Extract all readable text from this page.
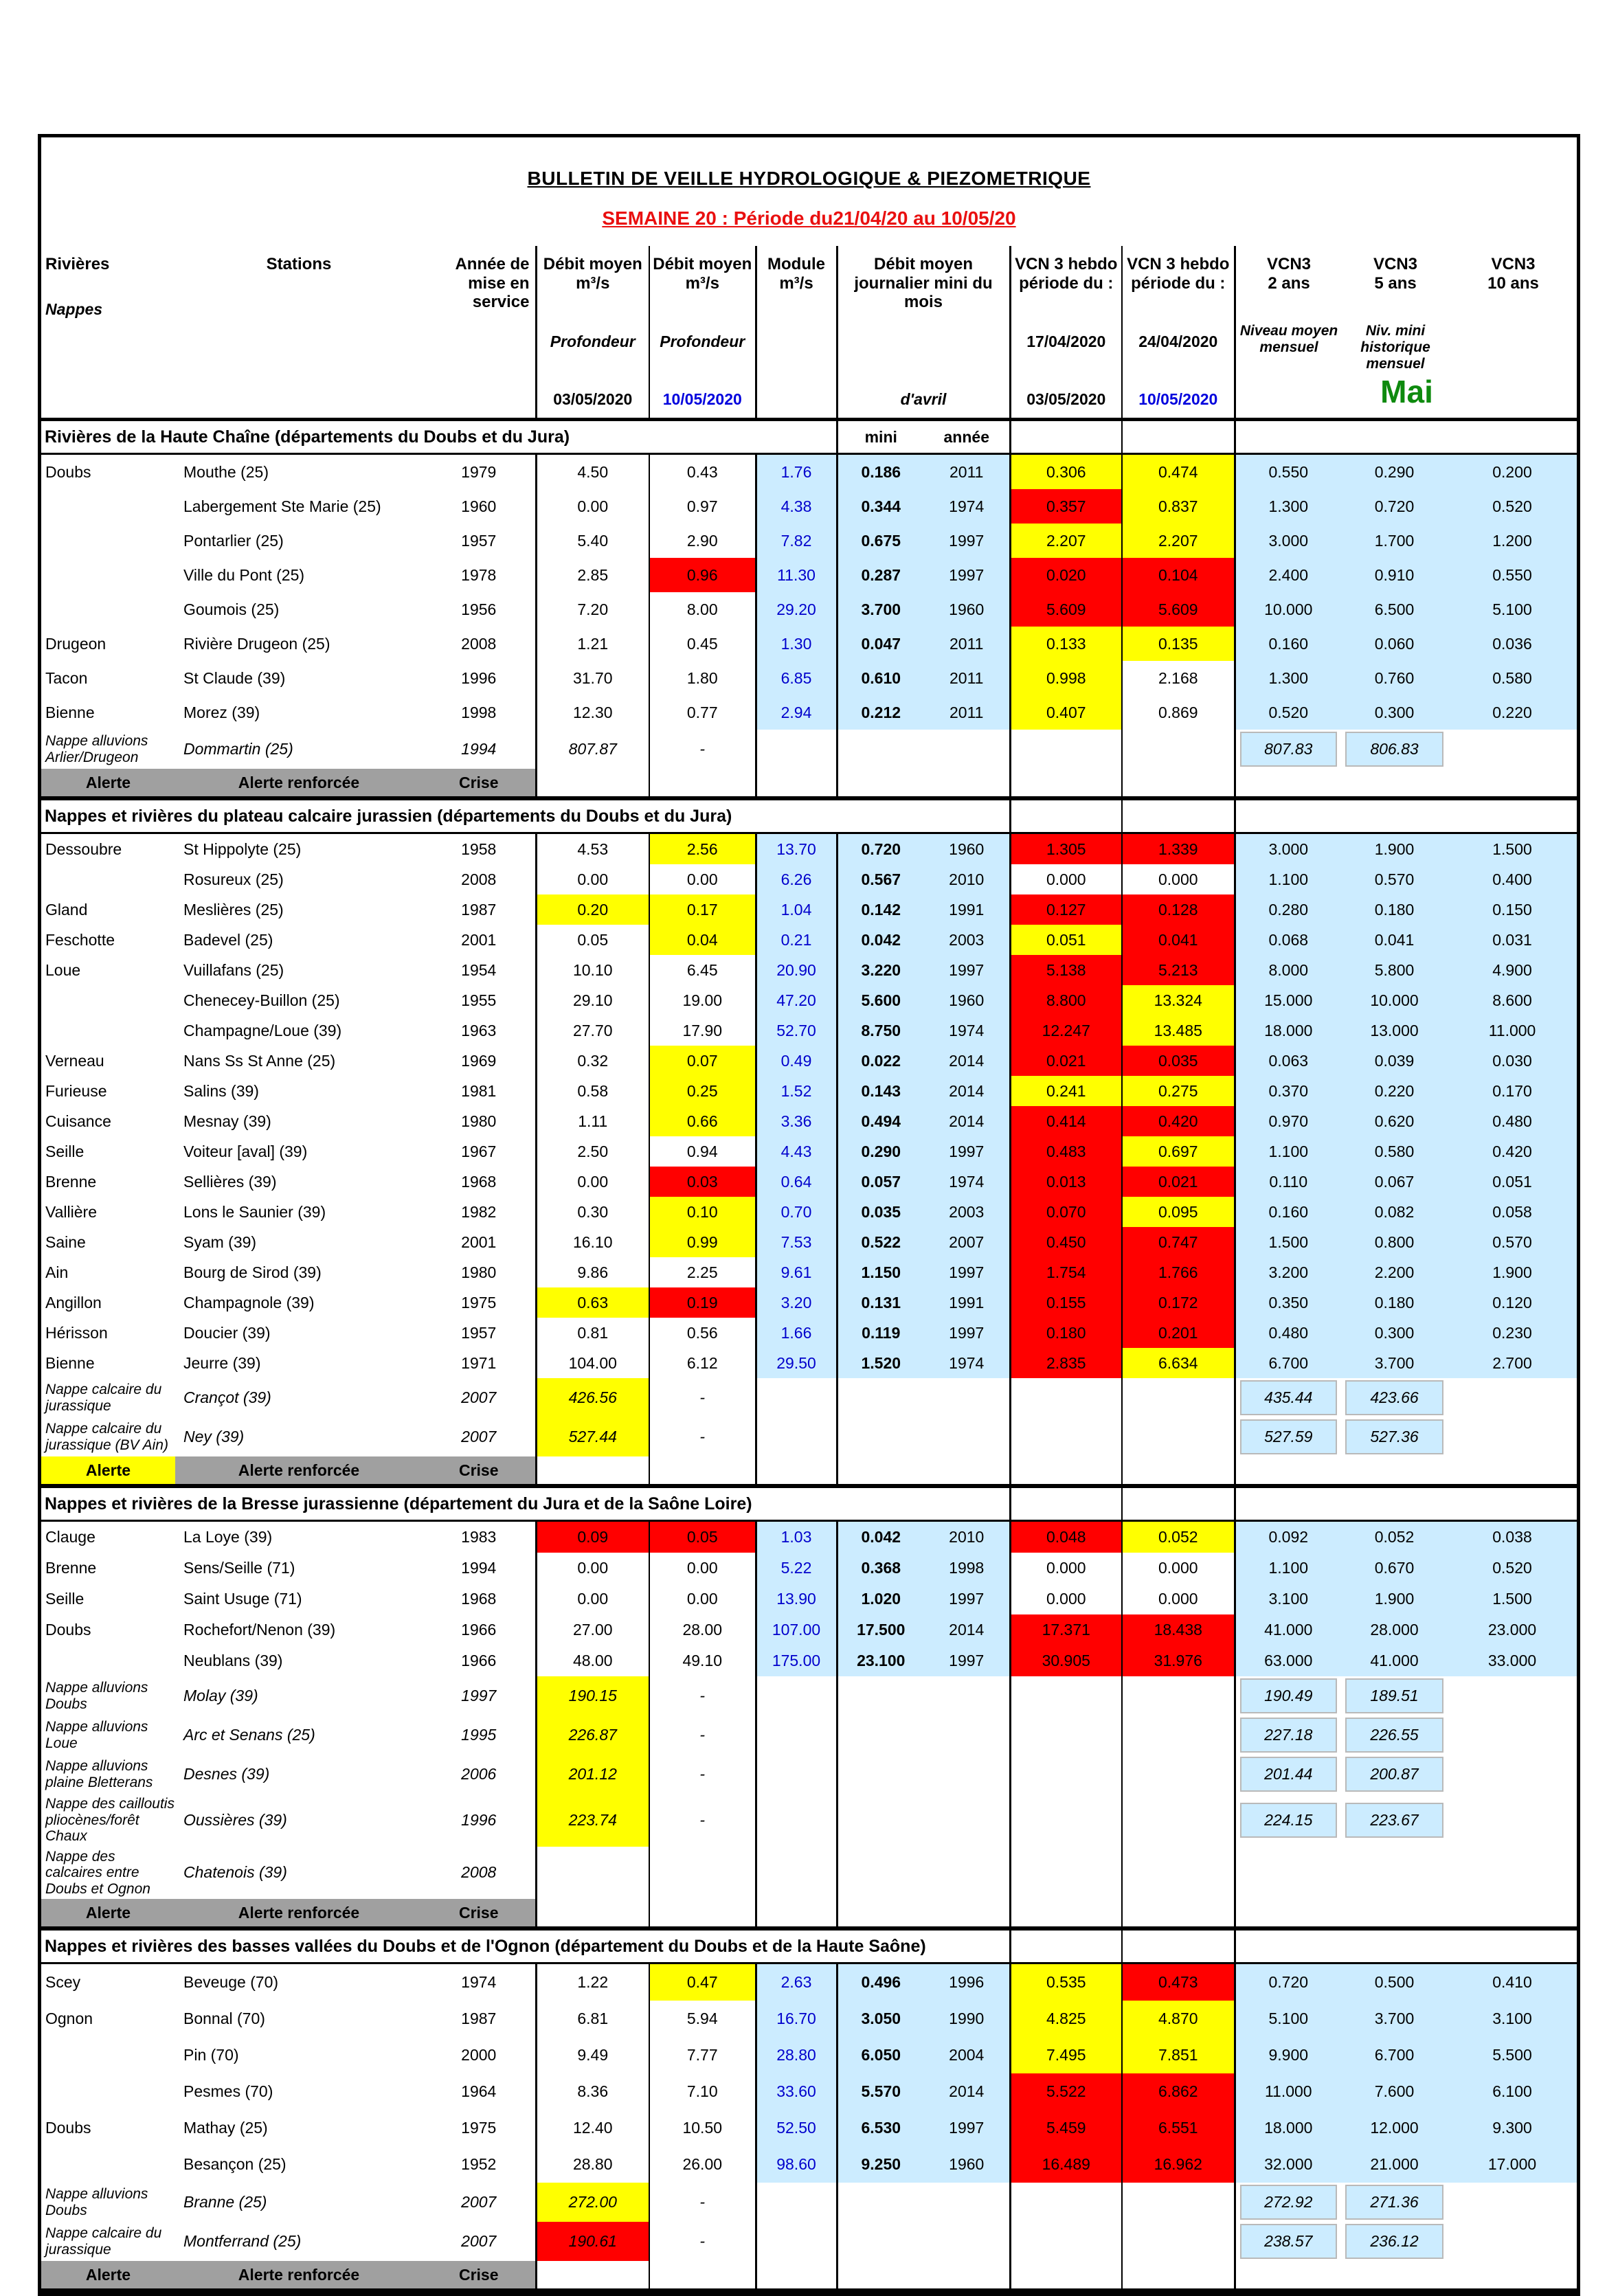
BULLETIN DE VEILLE HYDROLOGIQUE & PIEZOMETRIQUE
SEMAINE 20 : Période du21/04/20 au 10/05/20
Rivières
Nappes

Stations	Année de mise en service

Débit moyen
m³/s
Profondeur
03/05/2020

Débit moyen
m³/s
Profondeur
10/05/2020

Module
m³/s

Débit moyen journalier mini du mois
d'avril

VCN 3 hebdo
période du :
17/04/2020
03/05/2020

VCN 3 hebdo
période du :
24/04/2020
10/05/2020

VCN3
2 ans
Niveau moyen mensuel
VCN3
5 ans
Niv. mini historique mensuel
VCN3
10 ans
Mai

Rivières de la Haute Chaîne (départements du Doubs et du Jura)						mini	année					
Doubs	Mouthe (25)	1979	4.50	0.43	1.76	0.186	2011	0.306	0.474	0.550	0.290	0.200
	Labergement Ste Marie (25)	1960	0.00	0.97	4.38	0.344	1974	0.357	0.837	1.300	0.720	0.520
	Pontarlier (25)	1957	5.40	2.90	7.82	0.675	1997	2.207	2.207	3.000	1.700	1.200
	Ville du Pont (25)	1978	2.85	0.96	11.30	0.287	1997	0.020	0.104	2.400	0.910	0.550
	Goumois (25)	1956	7.20	8.00	29.20	3.700	1960	5.609	5.609	10.000	6.500	5.100
Drugeon	Rivière Drugeon (25)	2008	1.21	0.45	1.30	0.047	2011	0.133	0.135	0.160	0.060	0.036
Tacon	St Claude (39)	1996	31.70	1.80	6.85	0.610	2011	0.998	2.168	1.300	0.760	0.580
Bienne	Morez (39)	1998	12.30	0.77	2.94	0.212	2011	0.407	0.869	0.520	0.300	0.220
Nappe alluvions Arlier/Drugeon	Dommartin (25)	1994	807.87	-						807.83	806.83	

Alerte	Alerte renforcée	Crise										
Nappes et rivières du plateau calcaire jurassien (départements du Doubs et du Jura)												
Dessoubre	St Hippolyte (25)	1958	4.53	2.56	13.70	0.720	1960	1.305	1.339	3.000	1.900	1.500
	Rosureux (25)	2008	0.00	0.00	6.26	0.567	2010	0.000	0.000	1.100	0.570	0.400
Gland	Meslières (25)	1987	0.20	0.17	1.04	0.142	1991	0.127	0.128	0.280	0.180	0.150
Feschotte	Badevel (25)	2001	0.05	0.04	0.21	0.042	2003	0.051	0.041	0.068	0.041	0.031
Loue	Vuillafans (25)	1954	10.10	6.45	20.90	3.220	1997	5.138	5.213	8.000	5.800	4.900
	Chenecey-Buillon (25)	1955	29.10	19.00	47.20	5.600	1960	8.800	13.324	15.000	10.000	8.600
	Champagne/Loue (39)	1963	27.70	17.90	52.70	8.750	1974	12.247	13.485	18.000	13.000	11.000
Verneau	Nans Ss St Anne (25)	1969	0.32	0.07	0.49	0.022	2014	0.021	0.035	0.063	0.039	0.030
Furieuse	Salins (39)	1981	0.58	0.25	1.52	0.143	2014	0.241	0.275	0.370	0.220	0.170
Cuisance	Mesnay (39)	1980	1.11	0.66	3.36	0.494	2014	0.414	0.420	0.970	0.620	0.480
Seille	Voiteur [aval] (39)	1967	2.50	0.94	4.43	0.290	1997	0.483	0.697	1.100	0.580	0.420
Brenne	Sellières (39)	1968	0.00	0.03	0.64	0.057	1974	0.013	0.021	0.110	0.067	0.051
Vallière	Lons le Saunier (39)	1982	0.30	0.10	0.70	0.035	2003	0.070	0.095	0.160	0.082	0.058
Saine	Syam (39)	2001	16.10	0.99	7.53	0.522	2007	0.450	0.747	1.500	0.800	0.570
Ain	Bourg de Sirod (39)	1980	9.86	2.25	9.61	1.150	1997	1.754	1.766	3.200	2.200	1.900
Angillon	Champagnole (39)	1975	0.63	0.19	3.20	0.131	1991	0.155	0.172	0.350	0.180	0.120
Hérisson	Doucier (39)	1957	0.81	0.56	1.66	0.119	1997	0.180	0.201	0.480	0.300	0.230
Bienne	Jeurre (39)	1971	104.00	6.12	29.50	1.520	1974	2.835	6.634	6.700	3.700	2.700
Nappe calcaire du jurassique	Crançot (39)	2007	426.56	-						435.44	423.66	

Nappe calcaire du jurassique (BV Ain)	Ney (39)	2007	527.44	-						527.59	527.36	

Alerte	Alerte renforcée	Crise										
Nappes et rivières de la Bresse jurassienne (département du Jura et de la Saône Loire)												
Clauge	La Loye (39)	1983	0.09	0.05	1.03	0.042	2010	0.048	0.052	0.092	0.052	0.038
Brenne	Sens/Seille (71)	1994	0.00	0.00	5.22	0.368	1998	0.000	0.000	1.100	0.670	0.520
Seille	Saint Usuge (71)	1968	0.00	0.00	13.90	1.020	1997	0.000	0.000	3.100	1.900	1.500
Doubs	Rochefort/Nenon (39)	1966	27.00	28.00	107.00	17.500	2014	17.371	18.438	41.000	28.000	23.000
	Neublans (39)	1966	48.00	49.10	175.00	23.100	1997	30.905	31.976	63.000	41.000	33.000
Nappe alluvions Doubs	Molay (39)	1997	190.15	-						190.49	189.51	

Nappe alluvions Loue	Arc et Senans (25)	1995	226.87	-						227.18	226.55	

Nappe alluvions plaine Bletterans	Desnes (39)	2006	201.12	-						201.44	200.87	

Nappe des cailloutis pliocènes/forêt Chaux	Oussières (39)	1996	223.74	-						224.15	223.67	

Nappe des calcaires entre Doubs et Ognon	Chatenois (39)	2008										
Alerte	Alerte renforcée	Crise										
Nappes et rivières des basses vallées du Doubs et de l'Ognon (département du Doubs et de la Haute Saône)												
Scey	Beveuge (70)	1974	1.22	0.47	2.63	0.496	1996	0.535	0.473	0.720	0.500	0.410
Ognon	Bonnal (70)	1987	6.81	5.94	16.70	3.050	1990	4.825	4.870	5.100	3.700	3.100
	Pin (70)	2000	9.49	7.77	28.80	6.050	2004	7.495	7.851	9.900	6.700	5.500
	Pesmes (70)	1964	8.36	7.10	33.60	5.570	2014	5.522	6.862	11.000	7.600	6.100
Doubs	Mathay (25)	1975	12.40	10.50	52.50	6.530	1997	5.459	6.551	18.000	12.000	9.300
	Besançon (25)	1952	28.80	26.00	98.60	9.250	1960	16.489	16.962	32.000	21.000	17.000
Nappe alluvions Doubs	Branne (25)	2007	272.00	-						272.92	271.36	

Nappe calcaire du jurassique	Montferrand (25)	2007	190.61	-						238.57	236.12	

Alerte	Alerte renforcée	Crise										
